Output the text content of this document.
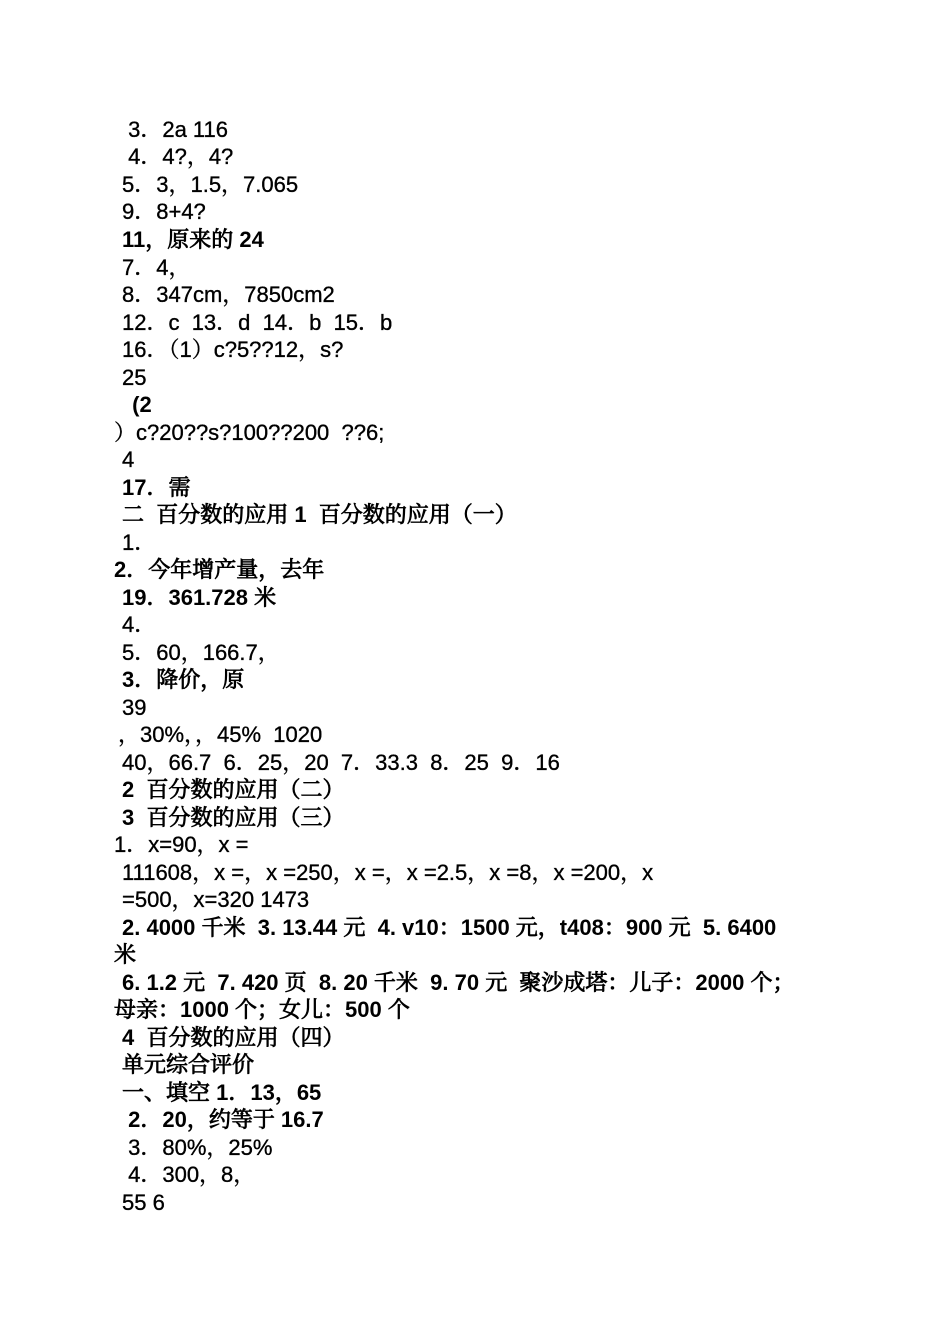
3．2a 116
4．4?，4?
5．3，1.5，7.065
9．8+4?
11，原来的 24
7．4，
8．347cm，7850cm2
12．c  13．d  14．b  15．b
16．（1）c?5??12，s?
25
(2
）c?20??s?100??200  ??6;
4
17．需
二  百分数的应用 1  百分数的应用（一）
1．
2．今年增产量，去年
19．361.728 米
4．
5．60，166.7，
3．降价，原
39
，30%，，45%  1020
40，66.7  6．25，20  7．33.3  8．25  9．16
2  百分数的应用（二）
3  百分数的应用（三）
1．x=90，x =
111608，x =，x =250，x =，x =2.5，x =8，x =200，x
=500，x=320 1473
2. 4000 千米  3. 13.44 元  4. v10：1500 元，t408：900 元  5. 6400
米
6. 1.2 元  7. 420 页  8. 20 千米  9. 70 元  聚沙成塔：儿子：2000 个；
母亲：1000 个；女儿：500 个
4  百分数的应用（四）
单元综合评价
一、填空 1．13，65
2．20，约等于 16.7
3．80%，25%
4．300，8，
55 6
